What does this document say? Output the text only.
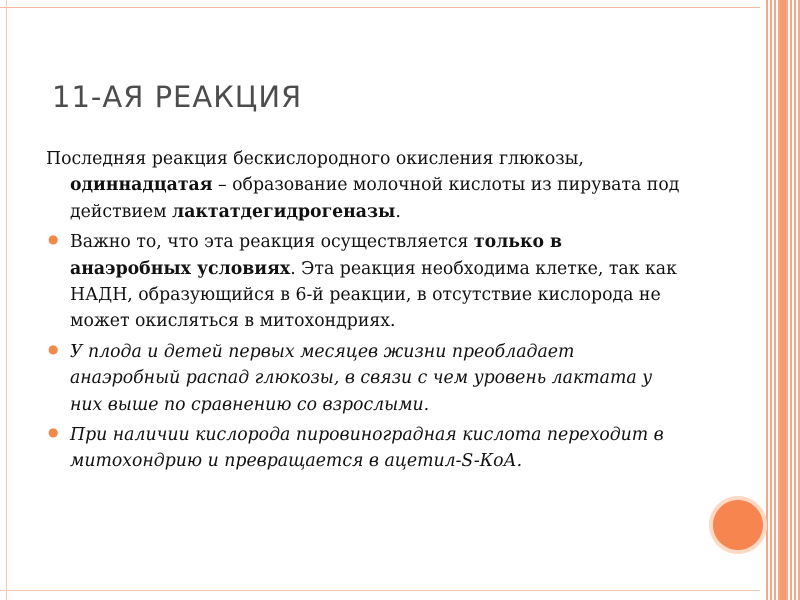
11-АЯ РЕАКЦИЯ

Последняя реакция бескислородного окисления глюкозы,
одиннадцатая – образование молочной кислоты из пирувата под действием лактатдегидрогеназы.

● Важно то, что эта реакция осуществляется только в анаэробных условиях. Эта реакция необходима клетке, так как НАДН, образующийся в 6-й реакции, в отсутствие кислорода не может окисляться в митохондриях.
● У плода и детей первых месяцев жизни преобладает анаэробный распад глюкозы, в связи с чем уровень лактата у них выше по сравнению со взрослыми.
● При наличии кислорода пировиноградная кислота переходит в митохондрию и превращается в ацетил-S-КоА.
